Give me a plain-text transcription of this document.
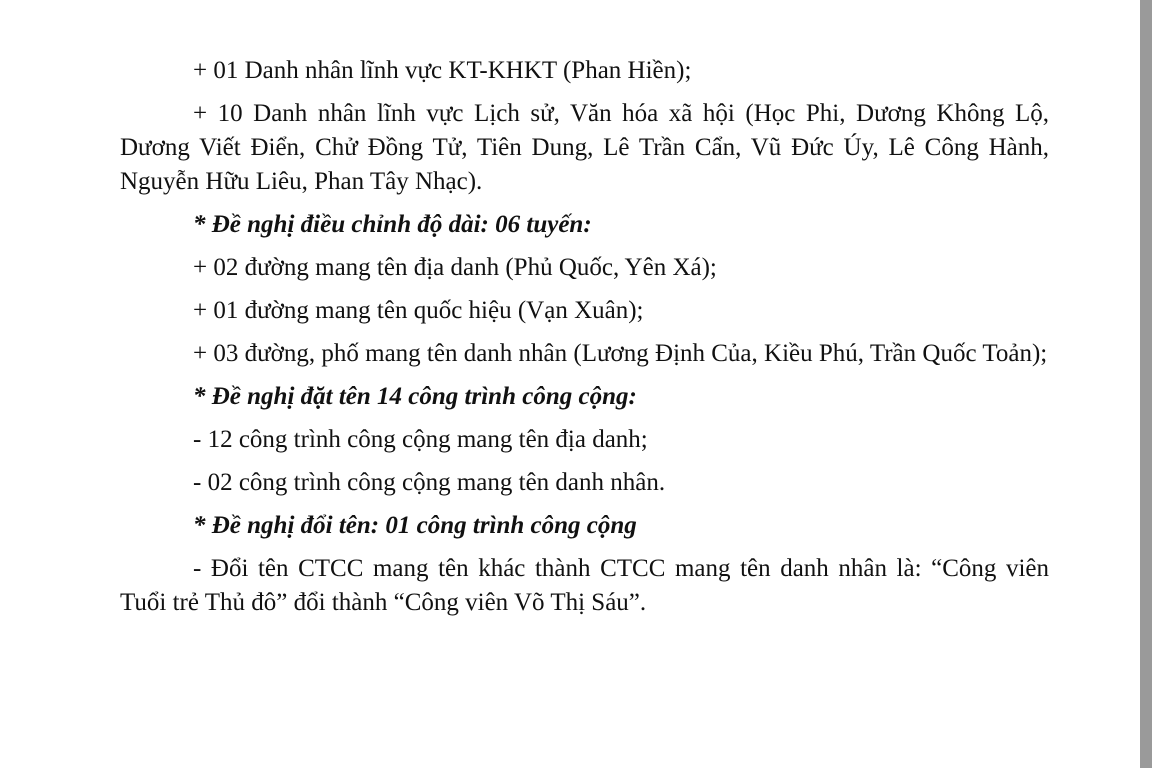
+ 01 Danh nhân lĩnh vực KT-KHKT (Phan Hiền);

+ 10 Danh nhân lĩnh vực Lịch sử, Văn hóa xã hội (Học Phi, Dương Không Lộ, Dương Viết Điển, Chử Đồng Tử, Tiên Dung, Lê Trần Cẩn, Vũ Đức Úy, Lê Công Hành, Nguyễn Hữu Liêu, Phan Tây Nhạc).

* Đề nghị điều chỉnh độ dài: 06 tuyến:

+ 02 đường mang tên địa danh (Phủ Quốc, Yên Xá);

+ 01 đường mang tên quốc hiệu (Vạn Xuân);

+ 03 đường, phố mang tên danh nhân (Lương Định Của, Kiều Phú, Trần Quốc Toản);

* Đề nghị đặt tên 14 công trình công cộng:

- 12 công trình công cộng mang tên địa danh;

- 02 công trình công cộng mang tên danh nhân.

* Đề nghị đổi tên: 01 công trình công cộng

- Đổi tên CTCC mang tên khác thành CTCC mang tên danh nhân là: “Công viên Tuổi trẻ Thủ đô” đổi thành “Công viên Võ Thị Sáu”.
